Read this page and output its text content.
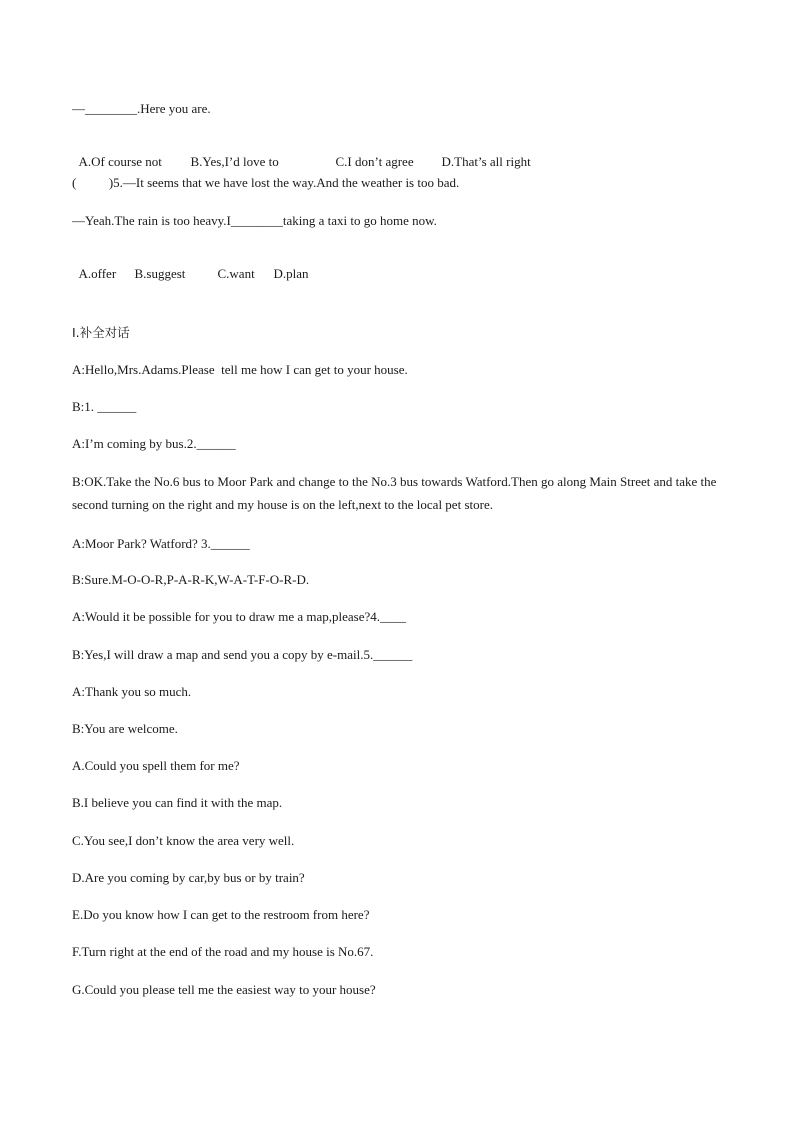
—________.Here you are.

A.Of course not B.Yes,I’d love to	C.I don’t agree D.That’s all right

(          )5.—It seems that we have lost the way.And the weather is too bad.
—Yeah.The rain is too heavy.I________taking a taxi to go home now.

A.offer B.suggest C.want D.plan

Ⅰ.补全对话
A:Hello,Mrs.Adams.Please  tell me how I can get to your house.
B:1. ______
A:I’m coming by bus.2.______
B:OK.Take the No.6 bus to Moor Park and change to the No.3 bus towards Watford.Then go along Main Street and take the second turning on the right and my house is on the left,next to the local pet store.
A:Moor Park? Watford? 3.______
B:Sure.M-O-O-R,P-A-R-K,W-A-T-F-O-R-D.
A:Would it be possible for you to draw me a map,please?4.____
B:Yes,I will draw a map and send you a copy by e-mail.5.______
A:Thank you so much.
B:You are welcome.
A.Could you spell them for me?
B.I believe you can find it with the map.
C.You see,I don’t know the area very well.
D.Are you coming by car,by bus or by train?
E.Do you know how I can get to the restroom from here?
F.Turn right at the end of the road and my house is No.67.
G.Could you please tell me the easiest way to your house?
